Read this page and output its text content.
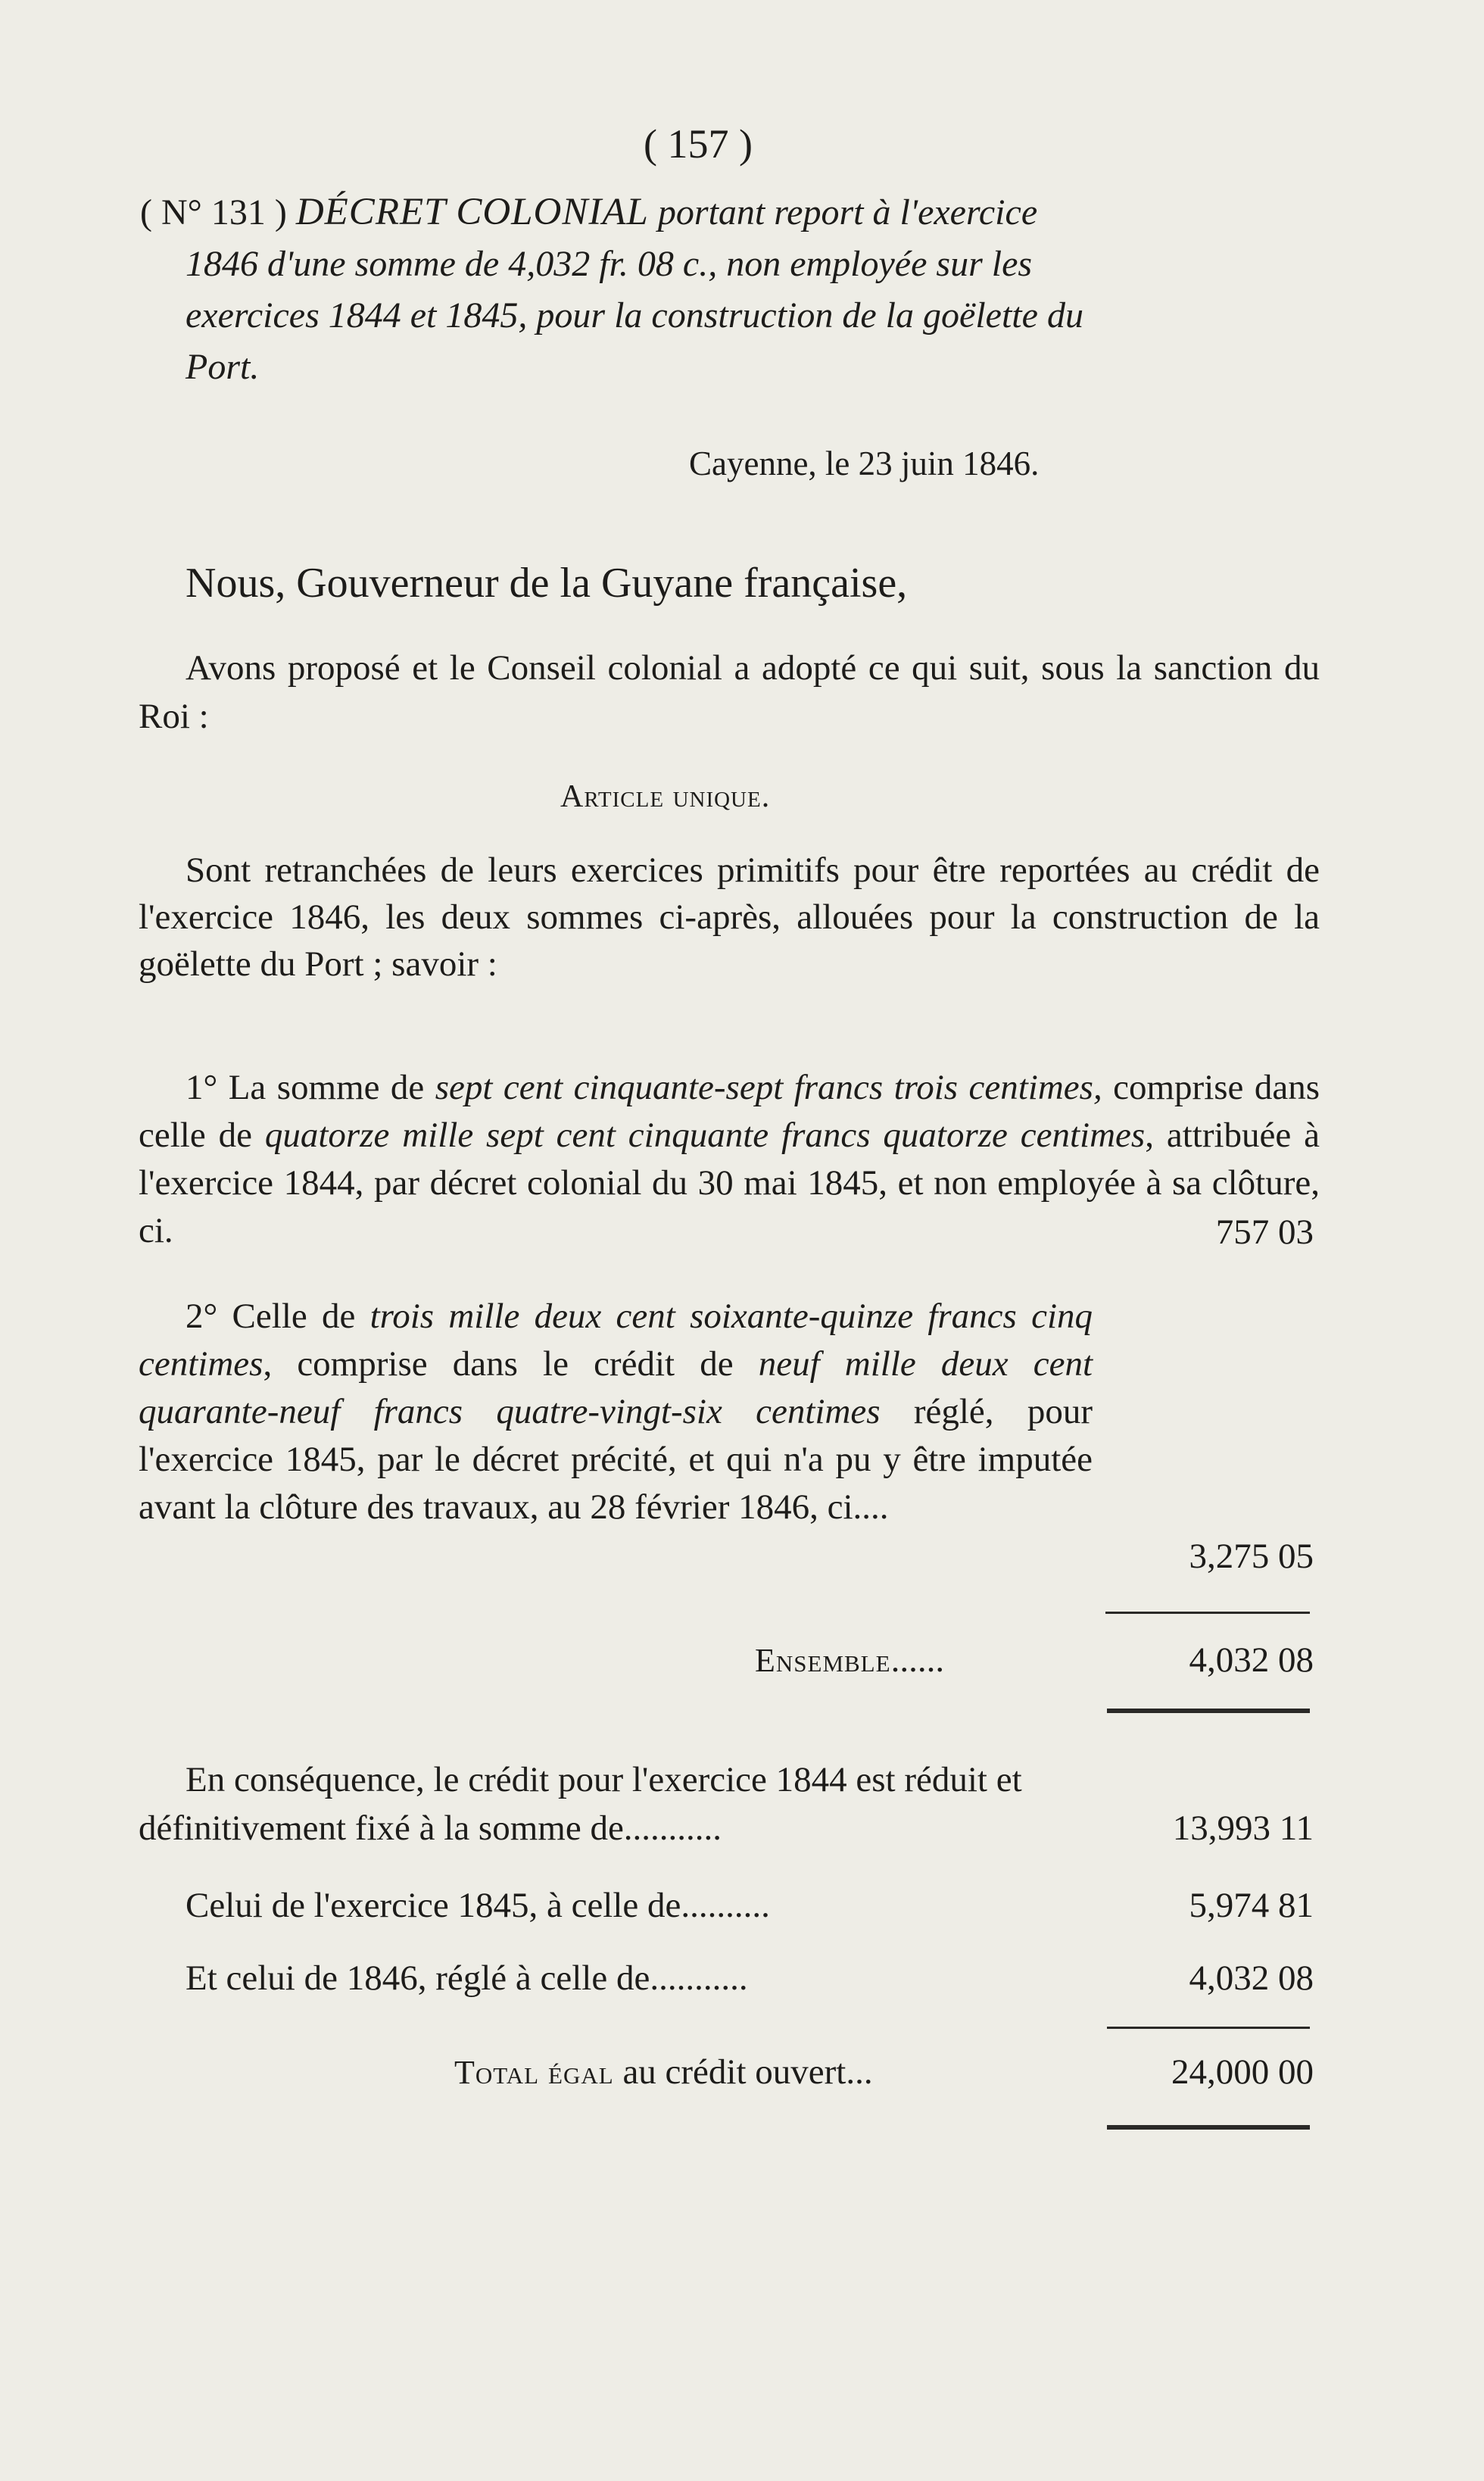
( 157 )
( N° 131 ) DÉCRET COLONIAL portant report à l'exercice
1846 d'une somme de 4,032 fr. 08 c., non employée sur les
exercices 1844 et 1845, pour la construction de la goëlette du
Port.
Cayenne, le 23 juin 1846.
Nous, Gouverneur de la Guyane française,
Avons proposé et le Conseil colonial a adopté ce qui suit, sous la sanction du Roi :
Article unique.
Sont retranchées de leurs exercices primitifs pour être reportées au crédit de l'exercice 1846, les deux sommes ci-après, allouées pour la construction de la goëlette du Port ; savoir :
1° La somme de sept cent cinquante-sept francs trois centimes, comprise dans celle de quatorze mille sept cent cinquante francs quatorze centimes, attribuée à l'exercice 1844, par décret colonial du 30 mai 1845, et non employée à sa clôture, ci.	757 03
2° Celle de trois mille deux cent soixante-quinze francs cinq centimes, comprise dans le crédit de neuf mille deux cent quarante-neuf francs quatre-vingt-six centimes réglé, pour l'exercice 1845, par le décret précité, et qui n'a pu y être imputée avant la clôture des travaux, au 28 février 1846, ci....
3,275 05
Ensemble......	4,032 08
En conséquence, le crédit pour l'exercice 1844 est réduit et définitivement fixé à la somme de...........	13,993 11
Celui de l'exercice 1845, à celle de..........	5,974 81
Et celui de 1846, réglé à celle de...........	4,032 08
Total égal au crédit ouvert...	24,000 00
